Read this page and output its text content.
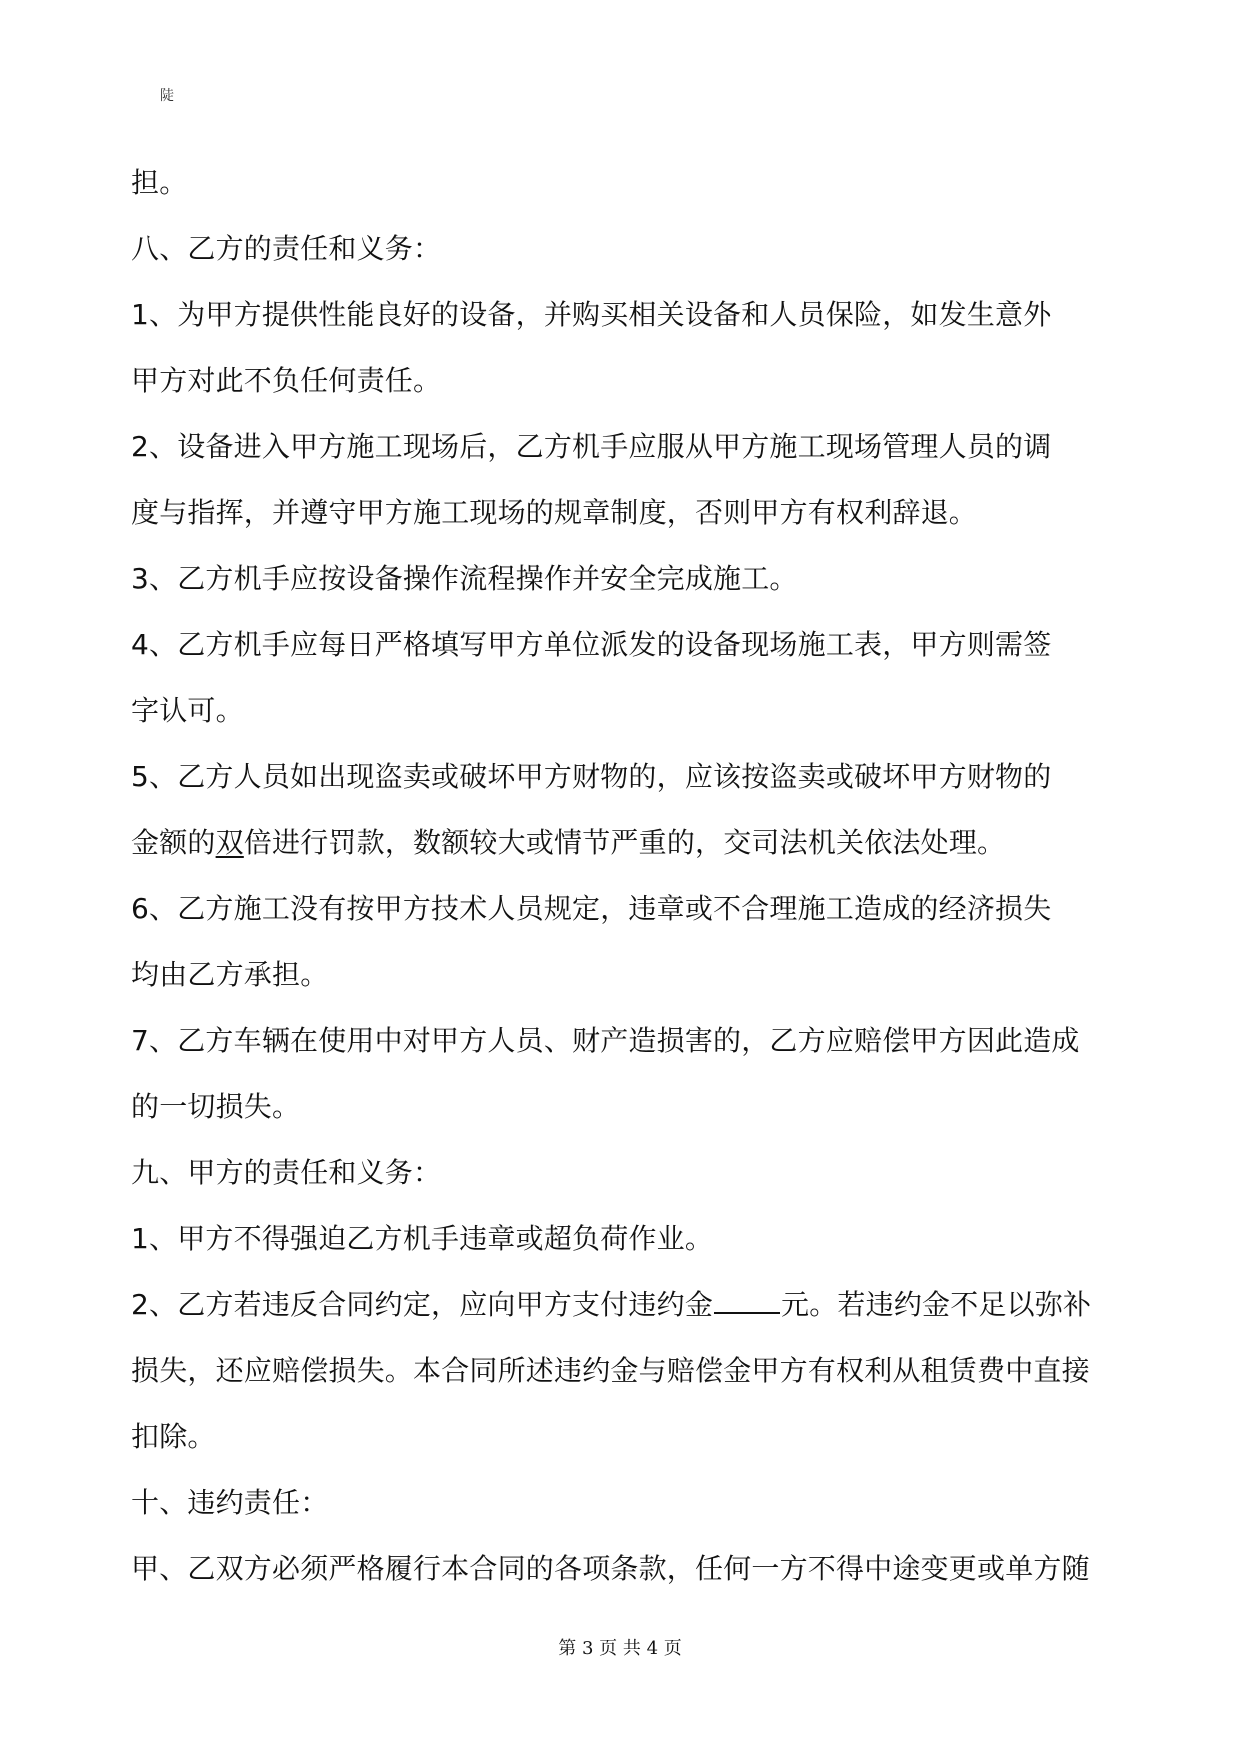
陡
担。
八、乙方的责任和义务：
1、为甲方提供性能良好的设备，并购买相关设备和人员保险，如发生意外
甲方对此不负任何责任。
2、设备进入甲方施工现场后，乙方机手应服从甲方施工现场管理人员的调
度与指挥，并遵守甲方施工现场的规章制度，否则甲方有权利辞退。
3、乙方机手应按设备操作流程操作并安全完成施工。
4、乙方机手应每日严格填写甲方单位派发的设备现场施工表，甲方则需签
字认可。
5、乙方人员如出现盗卖或破坏甲方财物的，应该按盗卖或破坏甲方财物的
金额的双倍进行罚款，数额较大或情节严重的，交司法机关依法处理。
6、乙方施工没有按甲方技术人员规定，违章或不合理施工造成的经济损失
均由乙方承担。
7、乙方车辆在使用中对甲方人员、财产造损害的，乙方应赔偿甲方因此造成
的一切损失。
九、甲方的责任和义务：
1、甲方不得强迫乙方机手违章或超负荷作业。
2、乙方若违反合同约定，应向甲方支付违约金 元。若违约金不足以弥补
损失，还应赔偿损失。本合同所述违约金与赔偿金甲方有权利从租赁费中直接
扣除。
十、违约责任：
甲、乙双方必须严格履行本合同的各项条款，任何一方不得中途变更或单方随
第 3 页 共 4 页
